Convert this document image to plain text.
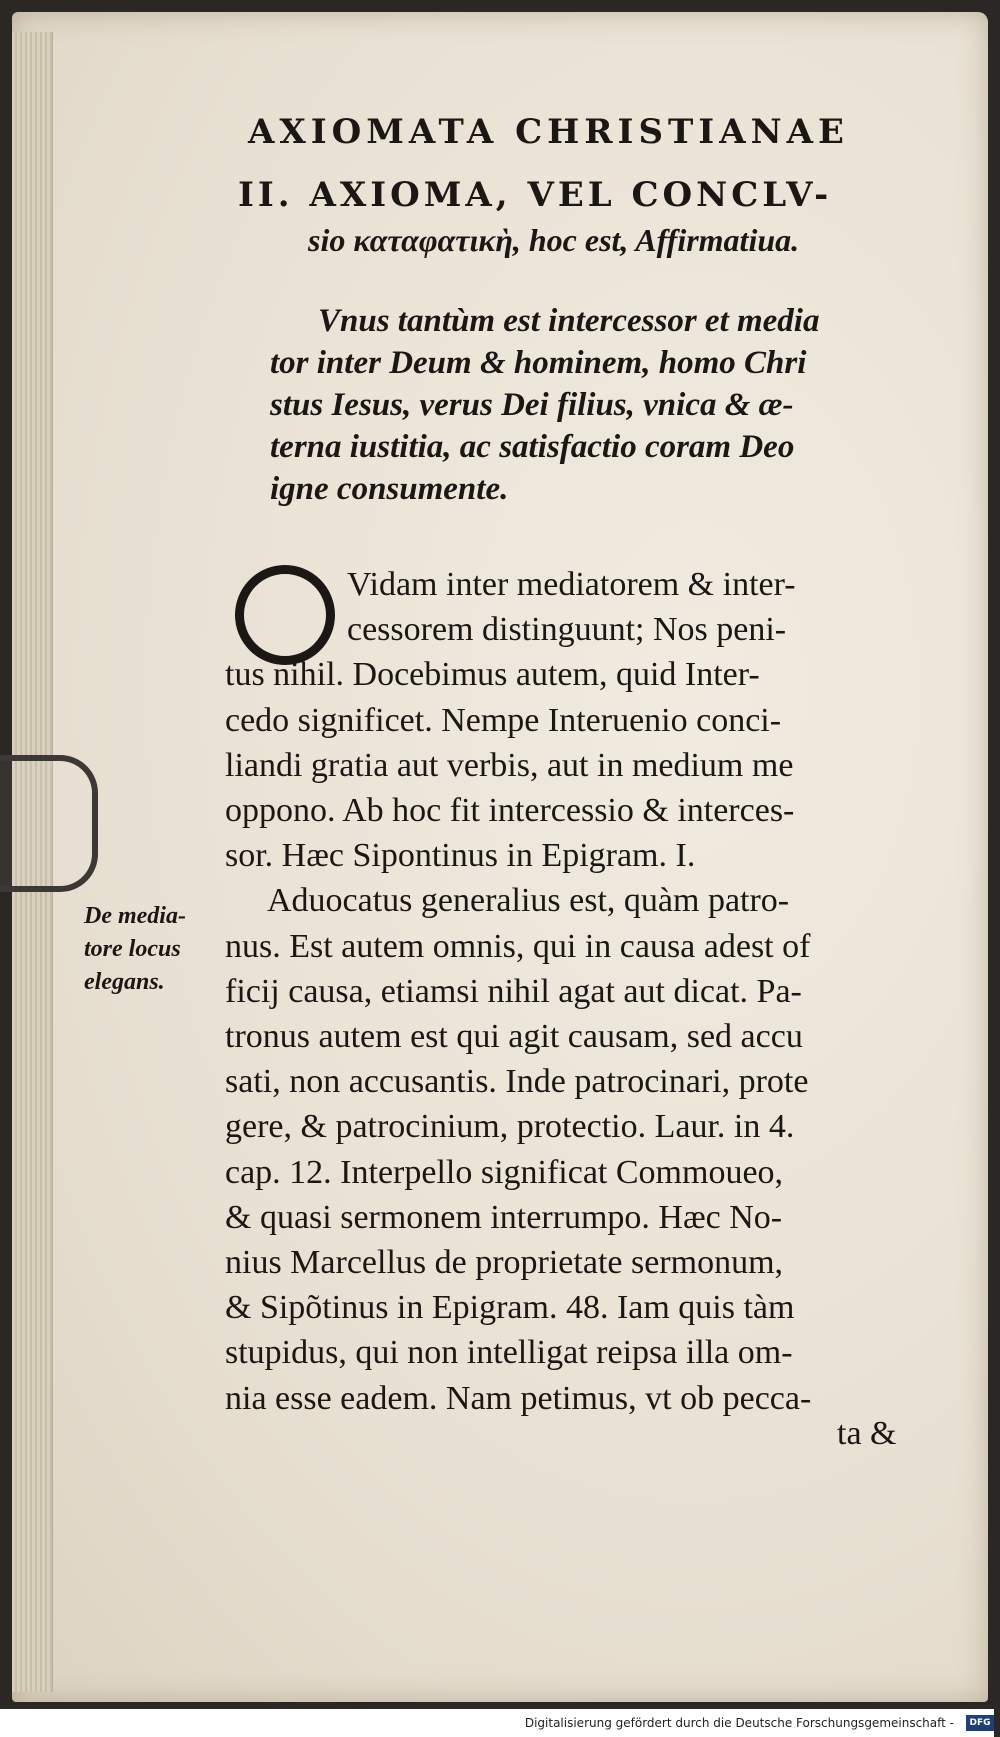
AXIOMATA CHRISTIANAE
II. AXIOMA, VEL CONCLV-
sio καταφατικὴ, hoc est, Affirmatiua.
Vnus tantùm est intercessor et media
tor inter Deum & hominem, homo Chri
stus Iesus, verus Dei filius, vnica & æ-
terna iustitia, ac satisfactio coram Deo
igne consumente.
Vidam inter mediatorem & inter-
cessorem distinguunt; Nos peni-
tus nihil. Docebimus autem, quid Inter-
cedo significet. Nempe Interuenio conci-
liandi gratia aut verbis, aut in medium me
oppono. Ab hoc fit intercessio & interces-
sor. Hæc Sipontinus in Epigram. I.
Aduocatus generalius est, quàm patro-
nus. Est autem omnis, qui in causa adest of
ficij causa, etiamsi nihil agat aut dicat. Pa-
tronus autem est qui agit causam, sed accu
sati, non accusantis. Inde patrocinari, prote
gere, & patrocinium, protectio. Laur. in 4.
cap. 12. Interpello significat Commoueo,
& quasi sermonem interrumpo. Hæc No-
nius Marcellus de proprietate sermonum,
& Sipõtinus in Epigram. 48. Iam quis tàm
stupidus, qui non intelligat reipsa illa om-
nia esse eadem. Nam petimus, vt ob pecca-
ta &
De media-
tore locus
elegans.
Digitalisierung gefördert durch die Deutsche Forschungsgemeinschaft -	DFG
